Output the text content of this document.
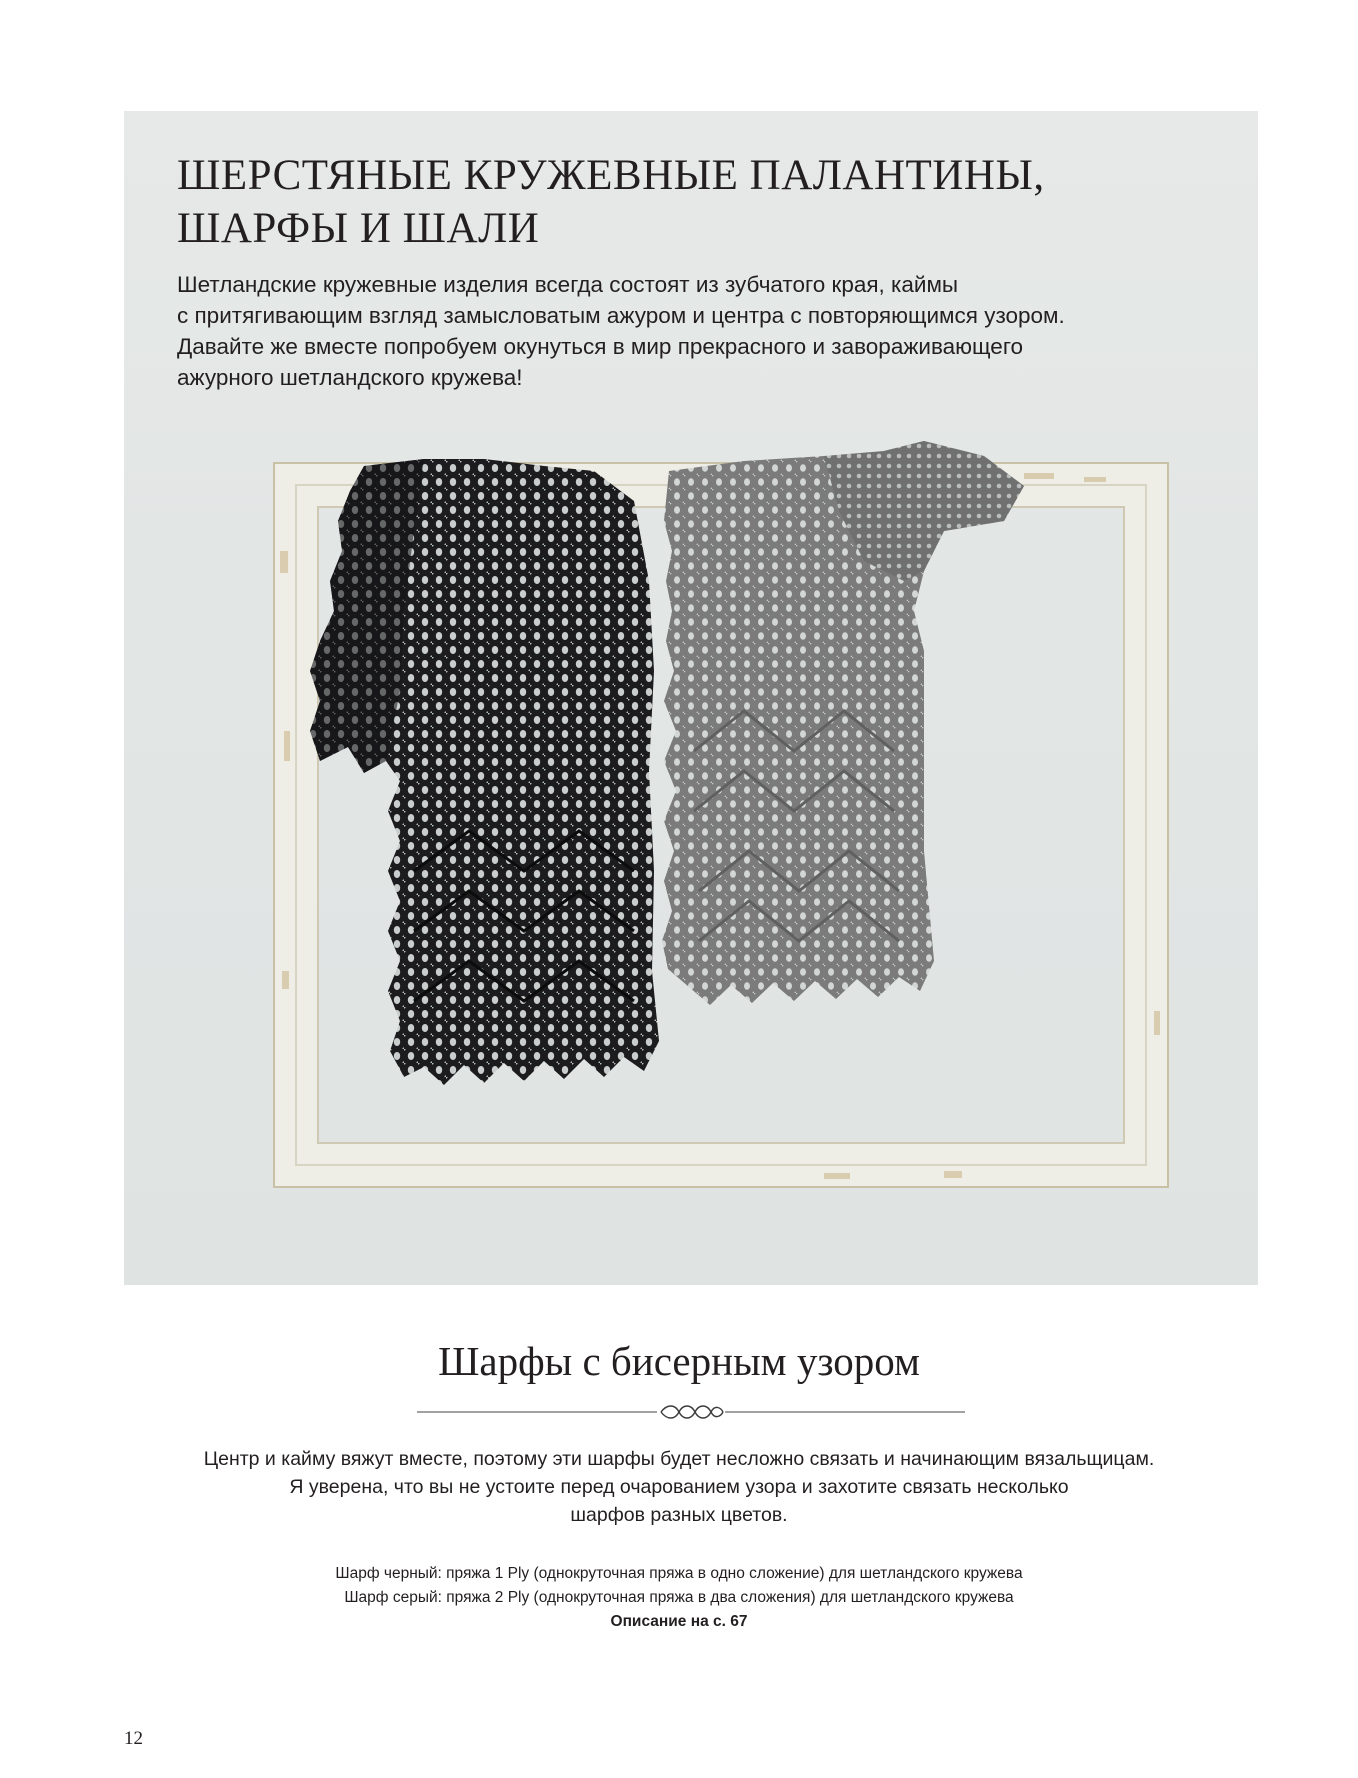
ШЕРСТЯНЫЕ КРУЖЕВНЫЕ ПАЛАНТИНЫ,
ШАРФЫ И ШАЛИ
Шетландские кружевные изделия всегда состоят из зубчатого края, каймы
с притягивающим взгляд замысловатым ажуром и центра с повторяющимся узором.
Давайте же вместе попробуем окунуться в мир прекрасного и завораживающего
ажурного шетландского кружева!
Шарфы с бисерным узором
Центр и кайму вяжут вместе, поэтому эти шарфы будет несложно связать и начинающим вязальщицам.
Я уверена, что вы не устоите перед очарованием узора и захотите связать несколько
шарфов разных цветов.
Шарф черный: пряжа 1 Ply (однокруточная пряжа в одно сложение) для шетландского кружева
Шарф серый: пряжа 2 Ply (однокруточная пряжа в два сложения) для шетландского кружева
Описание на с. 67
12
